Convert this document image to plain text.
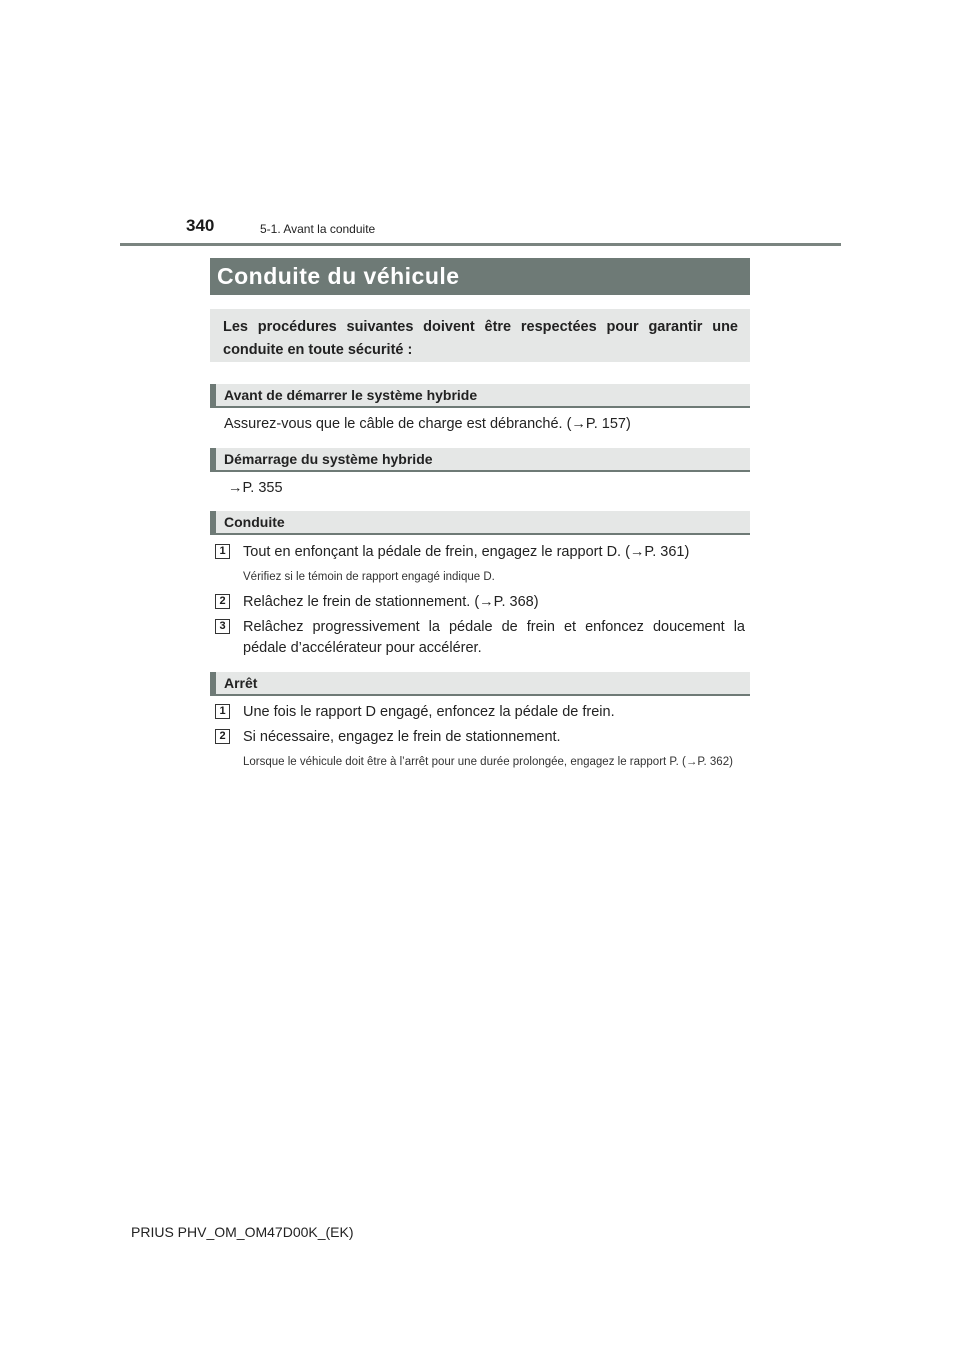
340	5-1. Avant la conduite
Conduite du véhicule
Les procédures suivantes doivent être respectées pour garantir une conduite en toute sécurité :
Avant de démarrer le système hybride
Assurez-vous que le câble de charge est débranché. (→P. 157)
Démarrage du système hybride
→P. 355
Conduite
1	Tout en enfonçant la pédale de frein, engagez le rapport D. (→P. 361)
Vérifiez si le témoin de rapport engagé indique D.
2	Relâchez le frein de stationnement. (→P. 368)
3	Relâchez progressivement la pédale de frein et enfoncez doucement la pédale d’accélérateur pour accélérer.
Arrêt
1	Une fois le rapport D engagé, enfoncez la pédale de frein.
2	Si nécessaire, engagez le frein de stationnement.
Lorsque le véhicule doit être à l’arrêt pour une durée prolongée, engagez le rapport P. (→P. 362)
PRIUS PHV_OM_OM47D00K_(EK)
